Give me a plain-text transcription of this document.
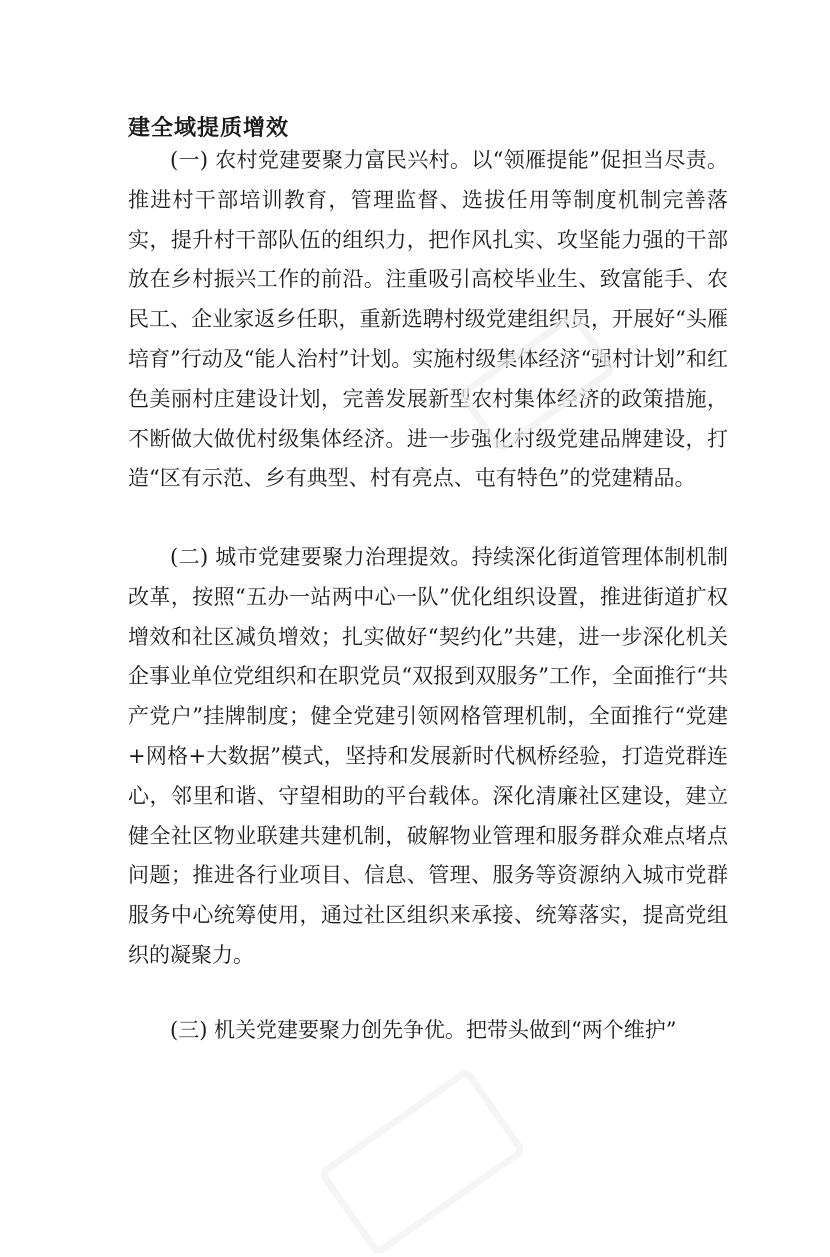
建全域提质增效

(一) 农村党建要聚力富民兴村。以“领雁提能”促担当尽责。推进村干部培训教育，管理监督、选拔任用等制度机制完善落实，提升村干部队伍的组织力，把作风扎实、攻坚能力强的干部放在乡村振兴工作的前沿。注重吸引高校毕业生、致富能手、农民工、企业家返乡任职，重新选聘村级党建组织员，开展好“头雁培育”行动及“能人治村”计划。实施村级集体经济“强村计划”和红色美丽村庄建设计划，完善发展新型农村集体经济的政策措施，不断做大做优村级集体经济。进一步强化村级党建品牌建设，打造“区有示范、乡有典型、村有亮点、屯有特色”的党建精品。

(二) 城市党建要聚力治理提效。持续深化街道管理体制机制改革，按照“五办一站两中心一队”优化组织设置，推进街道扩权增效和社区减负增效；扎实做好“契约化”共建，进一步深化机关企事业单位党组织和在职党员“双报到双服务”工作，全面推行“共产党户”挂牌制度；健全党建引领网格管理机制，全面推行“党建+网格+大数据”模式，坚持和发展新时代枫桥经验，打造党群连心，邻里和谐、守望相助的平台载体。深化清廉社区建设，建立健全社区物业联建共建机制，破解物业管理和服务群众难点堵点问题；推进各行业项目、信息、管理、服务等资源纳入城市党群服务中心统筹使用，通过社区组织来承接、统筹落实，提高党组织的凝聚力。

(三) 机关党建要聚力创先争优。把带头做到“两个维护”
